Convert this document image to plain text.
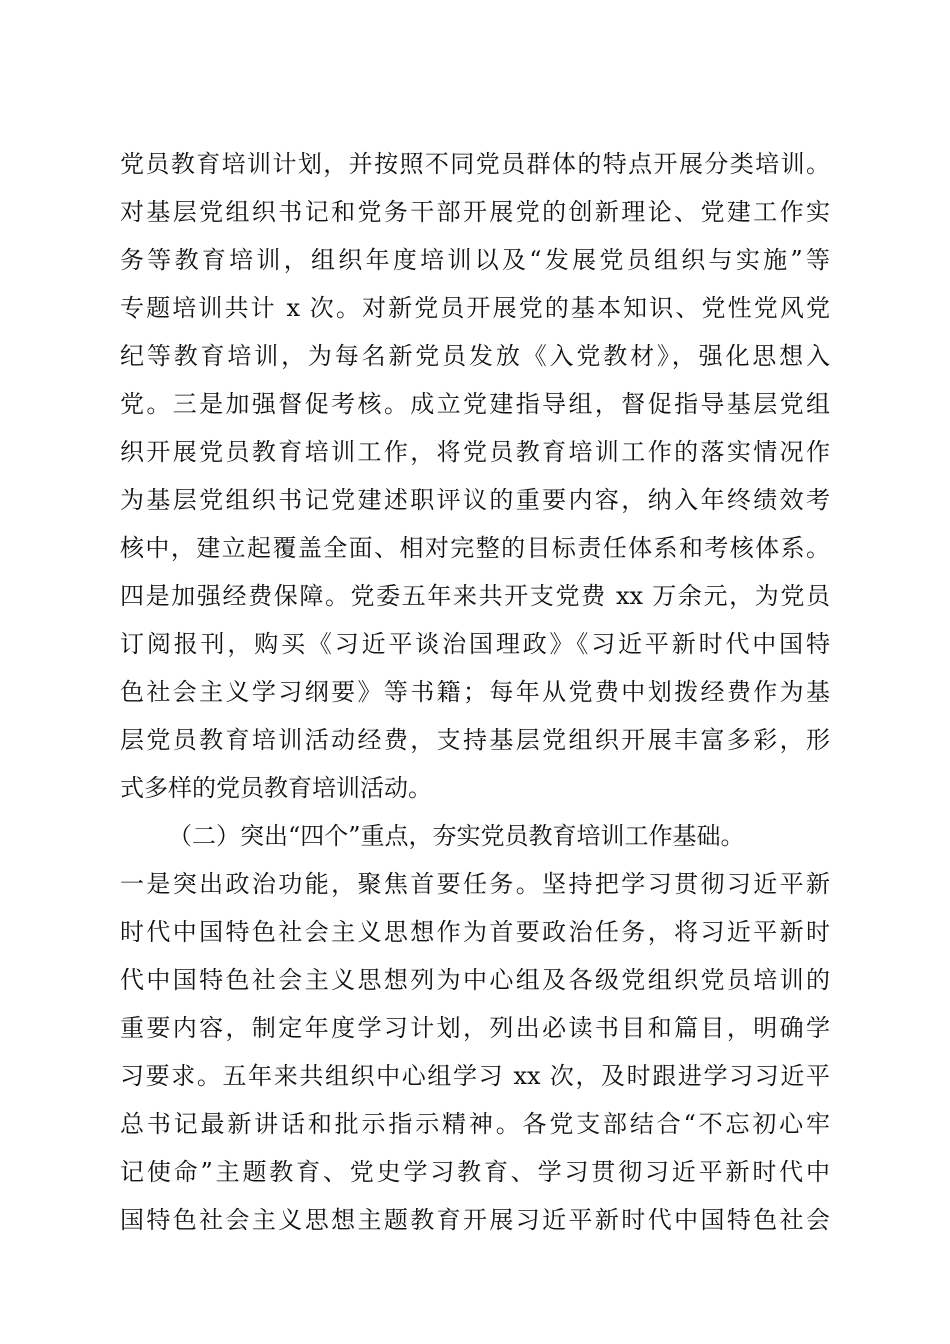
党员教育培训计划，并按照不同党员群体的特点开展分类培训。
对基层党组织书记和党务干部开展党的创新理论、党建工作实
务等教育培训，组织年度培训以及“发展党员组织与实施”等
专题培训共计 x 次。对新党员开展党的基本知识、党性党风党
纪等教育培训，为每名新党员发放《入党教材》，强化思想入
党。三是加强督促考核。成立党建指导组，督促指导基层党组
织开展党员教育培训工作，将党员教育培训工作的落实情况作
为基层党组织书记党建述职评议的重要内容，纳入年终绩效考
核中，建立起覆盖全面、相对完整的目标责任体系和考核体系。
四是加强经费保障。党委五年来共开支党费 xx 万余元，为党员
订阅报刊，购买《习近平谈治国理政》《习近平新时代中国特
色社会主义学习纲要》等书籍；每年从党费中划拨经费作为基
层党员教育培训活动经费，支持基层党组织开展丰富多彩，形
式多样的党员教育培训活动。
（二）突出“四个”重点，夯实党员教育培训工作基础。
一是突出政治功能，聚焦首要任务。坚持把学习贯彻习近平新
时代中国特色社会主义思想作为首要政治任务，将习近平新时
代中国特色社会主义思想列为中心组及各级党组织党员培训的
重要内容，制定年度学习计划，列出必读书目和篇目，明确学
习要求。五年来共组织中心组学习 xx 次，及时跟进学习习近平
总书记最新讲话和批示指示精神。各党支部结合“不忘初心牢
记使命”主题教育、党史学习教育、学习贯彻习近平新时代中
国特色社会主义思想主题教育开展习近平新时代中国特色社会
